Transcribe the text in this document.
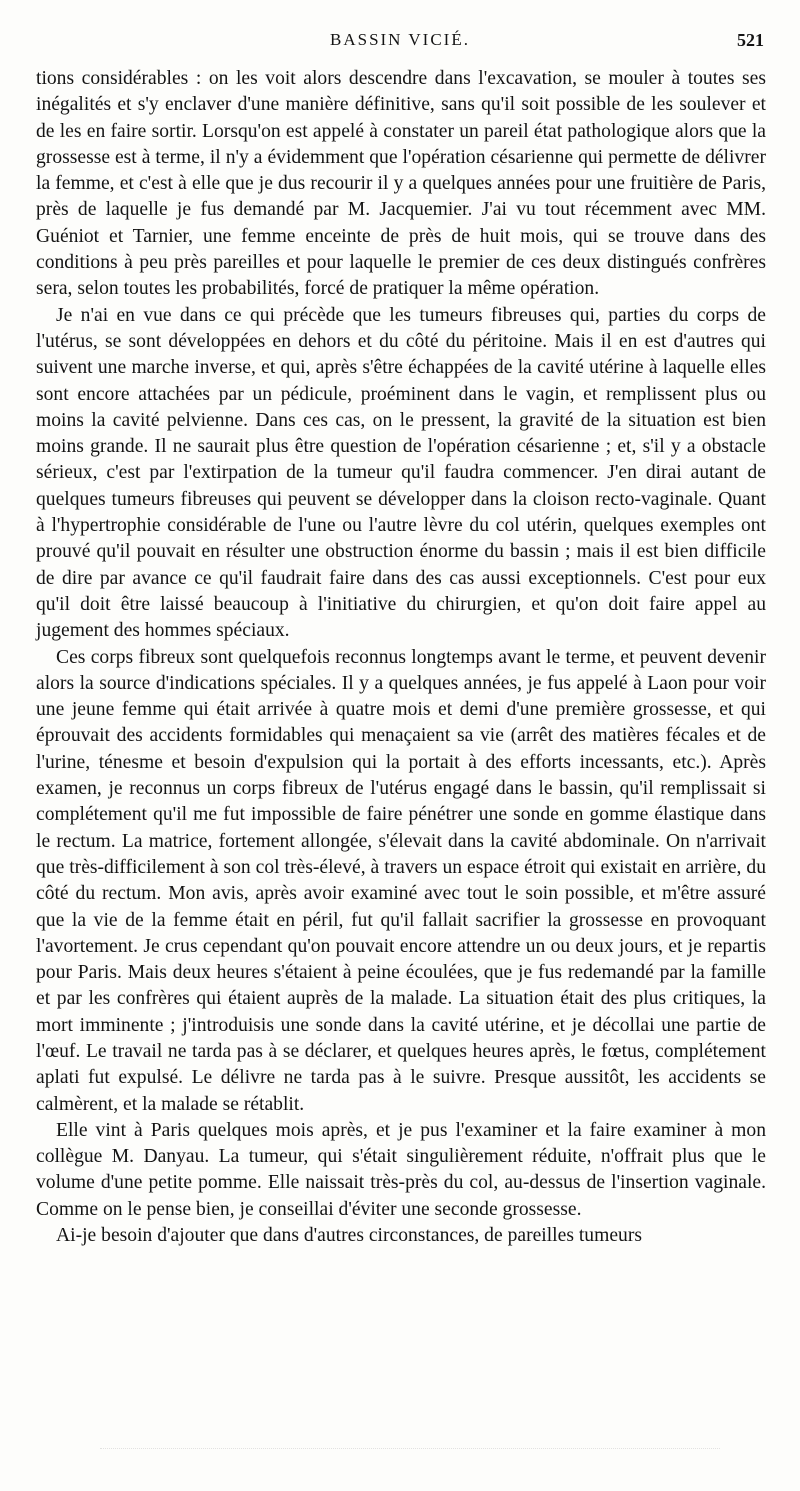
BASSIN VICIÉ.	521

tions considérables : on les voit alors descendre dans l'excavation, se mouler à toutes ses inégalités et s'y enclaver d'une manière définitive, sans qu'il soit possible de les soulever et de les en faire sortir. Lorsqu'on est appelé à constater un pareil état pathologique alors que la grossesse est à terme, il n'y a évidemment que l'opération césarienne qui permette de délivrer la femme, et c'est à elle que je dus recourir il y a quelques années pour une fruitière de Paris, près de laquelle je fus demandé par M. Jacquemier. J'ai vu tout récemment avec MM. Guéniot et Tarnier, une femme enceinte de près de huit mois, qui se trouve dans des conditions à peu près pareilles et pour laquelle le premier de ces deux distingués confrères sera, selon toutes les probabilités, forcé de pratiquer la même opération.

Je n'ai en vue dans ce qui précède que les tumeurs fibreuses qui, parties du corps de l'utérus, se sont développées en dehors et du côté du péritoine. Mais il en est d'autres qui suivent une marche inverse, et qui, après s'être échappées de la cavité utérine à laquelle elles sont encore attachées par un pédicule, proéminent dans le vagin, et remplissent plus ou moins la cavité pelvienne. Dans ces cas, on le pressent, la gravité de la situation est bien moins grande. Il ne saurait plus être question de l'opération césarienne ; et, s'il y a obstacle sérieux, c'est par l'extirpation de la tumeur qu'il faudra commencer. J'en dirai autant de quelques tumeurs fibreuses qui peuvent se développer dans la cloison recto-vaginale. Quant à l'hypertrophie considérable de l'une ou l'autre lèvre du col utérin, quelques exemples ont prouvé qu'il pouvait en résulter une obstruction énorme du bassin ; mais il est bien difficile de dire par avance ce qu'il faudrait faire dans des cas aussi exceptionnels. C'est pour eux qu'il doit être laissé beaucoup à l'initiative du chirurgien, et qu'on doit faire appel au jugement des hommes spéciaux.

Ces corps fibreux sont quelquefois reconnus longtemps avant le terme, et peuvent devenir alors la source d'indications spéciales. Il y a quelques années, je fus appelé à Laon pour voir une jeune femme qui était arrivée à quatre mois et demi d'une première grossesse, et qui éprouvait des accidents formidables qui menaçaient sa vie (arrêt des matières fécales et de l'urine, ténesme et besoin d'expulsion qui la portait à des efforts incessants, etc.). Après examen, je reconnus un corps fibreux de l'utérus engagé dans le bassin, qu'il remplissait si complétement qu'il me fut impossible de faire pénétrer une sonde en gomme élastique dans le rectum. La matrice, fortement allongée, s'élevait dans la cavité abdominale. On n'arrivait que très-difficilement à son col très-élevé, à travers un espace étroit qui existait en arrière, du côté du rectum. Mon avis, après avoir examiné avec tout le soin possible, et m'être assuré que la vie de la femme était en péril, fut qu'il fallait sacrifier la grossesse en provoquant l'avortement. Je crus cependant qu'on pouvait encore attendre un ou deux jours, et je repartis pour Paris. Mais deux heures s'étaient à peine écoulées, que je fus redemandé par la famille et par les confrères qui étaient auprès de la malade. La situation était des plus critiques, la mort imminente ; j'introduisis une sonde dans la cavité utérine, et je décollai une partie de l'œuf. Le travail ne tarda pas à se déclarer, et quelques heures après, le fœtus, complétement aplati fut expulsé. Le délivre ne tarda pas à le suivre. Presque aussitôt, les accidents se calmèrent, et la malade se rétablit.

Elle vint à Paris quelques mois après, et je pus l'examiner et la faire examiner à mon collègue M. Danyau. La tumeur, qui s'était singulièrement réduite, n'offrait plus que le volume d'une petite pomme. Elle naissait très-près du col, au-dessus de l'insertion vaginale. Comme on le pense bien, je conseillai d'éviter une seconde grossesse.

Ai-je besoin d'ajouter que dans d'autres circonstances, de pareilles tumeurs
